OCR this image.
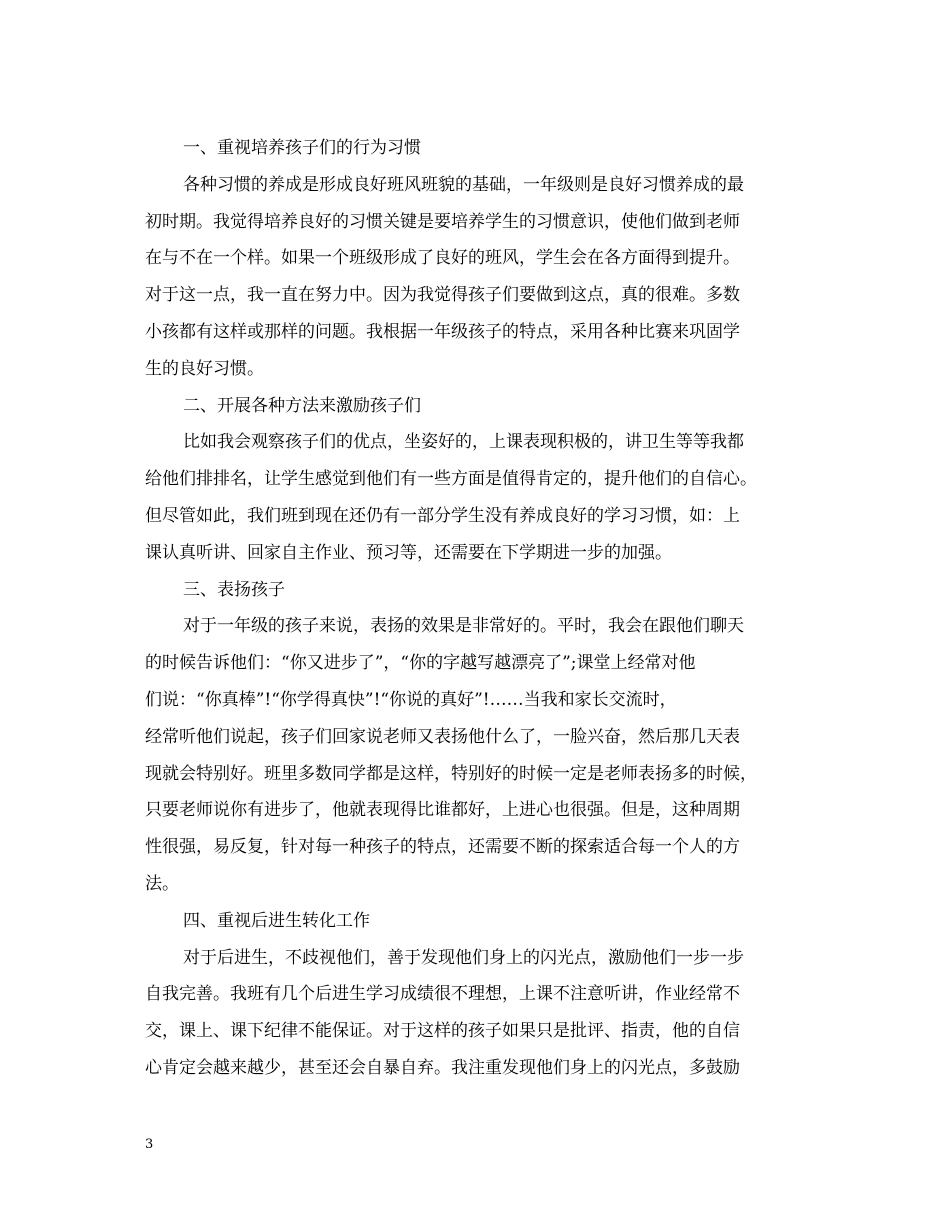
一、重视培养孩子们的行为习惯
各种习惯的养成是形成良好班风班貌的基础，一年级则是良好习惯养成的最
初时期。我觉得培养良好的习惯关键是要培养学生的习惯意识，使他们做到老师
在与不在一个样。如果一个班级形成了良好的班风，学生会在各方面得到提升。
对于这一点，我一直在努力中。因为我觉得孩子们要做到这点，真的很难。多数
小孩都有这样或那样的问题。我根据一年级孩子的特点，采用各种比赛来巩固学
生的良好习惯。
二、开展各种方法来激励孩子们
比如我会观察孩子们的优点，坐姿好的，上课表现积极的，讲卫生等等我都
给他们排排名，让学生感觉到他们有一些方面是值得肯定的，提升他们的自信心。
但尽管如此，我们班到现在还仍有一部分学生没有养成良好的学习习惯，如：上
课认真听讲、回家自主作业、预习等，还需要在下学期进一步的加强。
三、表扬孩子
对于一年级的孩子来说，表扬的效果是非常好的。平时，我会在跟他们聊天
的时候告诉他们：“你又进步了”，“你的字越写越漂亮了”;课堂上经常对他
们说：“你真棒”!“你学得真快”!“你说的真好”!……当我和家长交流时，
经常听他们说起，孩子们回家说老师又表扬他什么了，一脸兴奋，然后那几天表
现就会特别好。班里多数同学都是这样，特别好的时候一定是老师表扬多的时候，
只要老师说你有进步了，他就表现得比谁都好，上进心也很强。但是，这种周期
性很强，易反复，针对每一种孩子的特点，还需要不断的探索适合每一个人的方
法。
四、重视后进生转化工作
对于后进生，不歧视他们，善于发现他们身上的闪光点，激励他们一步一步
自我完善。我班有几个后进生学习成绩很不理想，上课不注意听讲，作业经常不
交，课上、课下纪律不能保证。对于这样的孩子如果只是批评、指责，他的自信
心肯定会越来越少，甚至还会自暴自弃。我注重发现他们身上的闪光点，多鼓励
3
